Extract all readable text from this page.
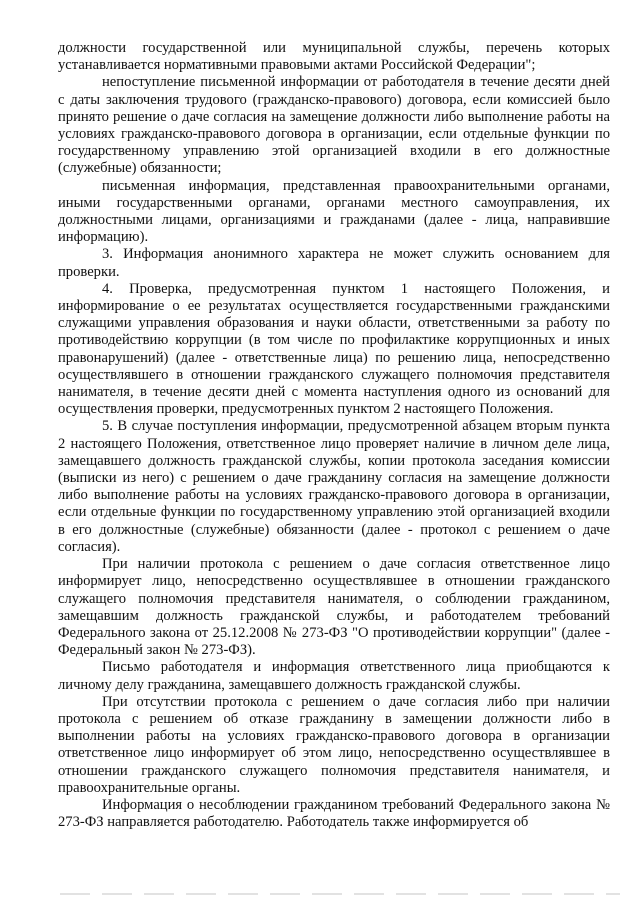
должности государственной или муниципальной службы, перечень которых устанавливается нормативными правовыми актами Российской Федерации";

непоступление письменной информации от работодателя в течение десяти дней с даты заключения трудового (гражданско-правового) договора, если комиссией было принято решение о даче согласия на замещение должности либо выполнение работы на условиях гражданско-правового договора в организации, если отдельные функции по государственному управлению этой организацией входили в его должностные (служебные) обязанности;

письменная информация, представленная правоохранительными органами, иными государственными органами, органами местного самоуправления, их должностными лицами, организациями и гражданами (далее - лица, направившие информацию).

3. Информация анонимного характера не может служить основанием для проверки.

4. Проверка, предусмотренная пунктом 1 настоящего Положения, и информирование о ее результатах осуществляется государственными гражданскими служащими управления образования и науки области, ответственными за работу по противодействию коррупции (в том числе по профилактике коррупционных и иных правонарушений) (далее - ответственные лица) по решению лица, непосредственно осуществлявшего в отношении гражданского служащего полномочия представителя нанимателя, в течение десяти дней с момента наступления одного из оснований для осуществления проверки, предусмотренных пунктом 2 настоящего Положения.

5. В случае поступления информации, предусмотренной абзацем вторым пункта 2 настоящего Положения, ответственное лицо проверяет наличие в личном деле лица, замещавшего должность гражданской службы, копии протокола заседания комиссии (выписки из него) с решением о даче гражданину согласия на замещение должности либо выполнение работы на условиях гражданско-правового договора в организации, если отдельные функции по государственному управлению этой организацией входили в его должностные (служебные) обязанности (далее - протокол с решением о даче согласия).

При наличии протокола с решением о даче согласия ответственное лицо информирует лицо, непосредственно осуществлявшее в отношении гражданского служащего полномочия представителя нанимателя, о соблюдении гражданином, замещавшим должность гражданской службы, и работодателем требований Федерального закона от 25.12.2008 № 273-ФЗ "О противодействии коррупции" (далее - Федеральный закон № 273-ФЗ).

Письмо работодателя и информация ответственного лица приобщаются к личному делу гражданина, замещавшего должность гражданской службы.

При отсутствии протокола с решением о даче согласия либо при наличии протокола с решением об отказе гражданину в замещении должности либо в выполнении работы на условиях гражданско-правового договора в организации ответственное лицо информирует об этом лицо, непосредственно осуществлявшее в отношении гражданского служащего полномочия представителя нанимателя, и правоохранительные органы.

Информация о несоблюдении гражданином требований Федерального закона № 273-ФЗ направляется работодателю. Работодатель также информируется об
